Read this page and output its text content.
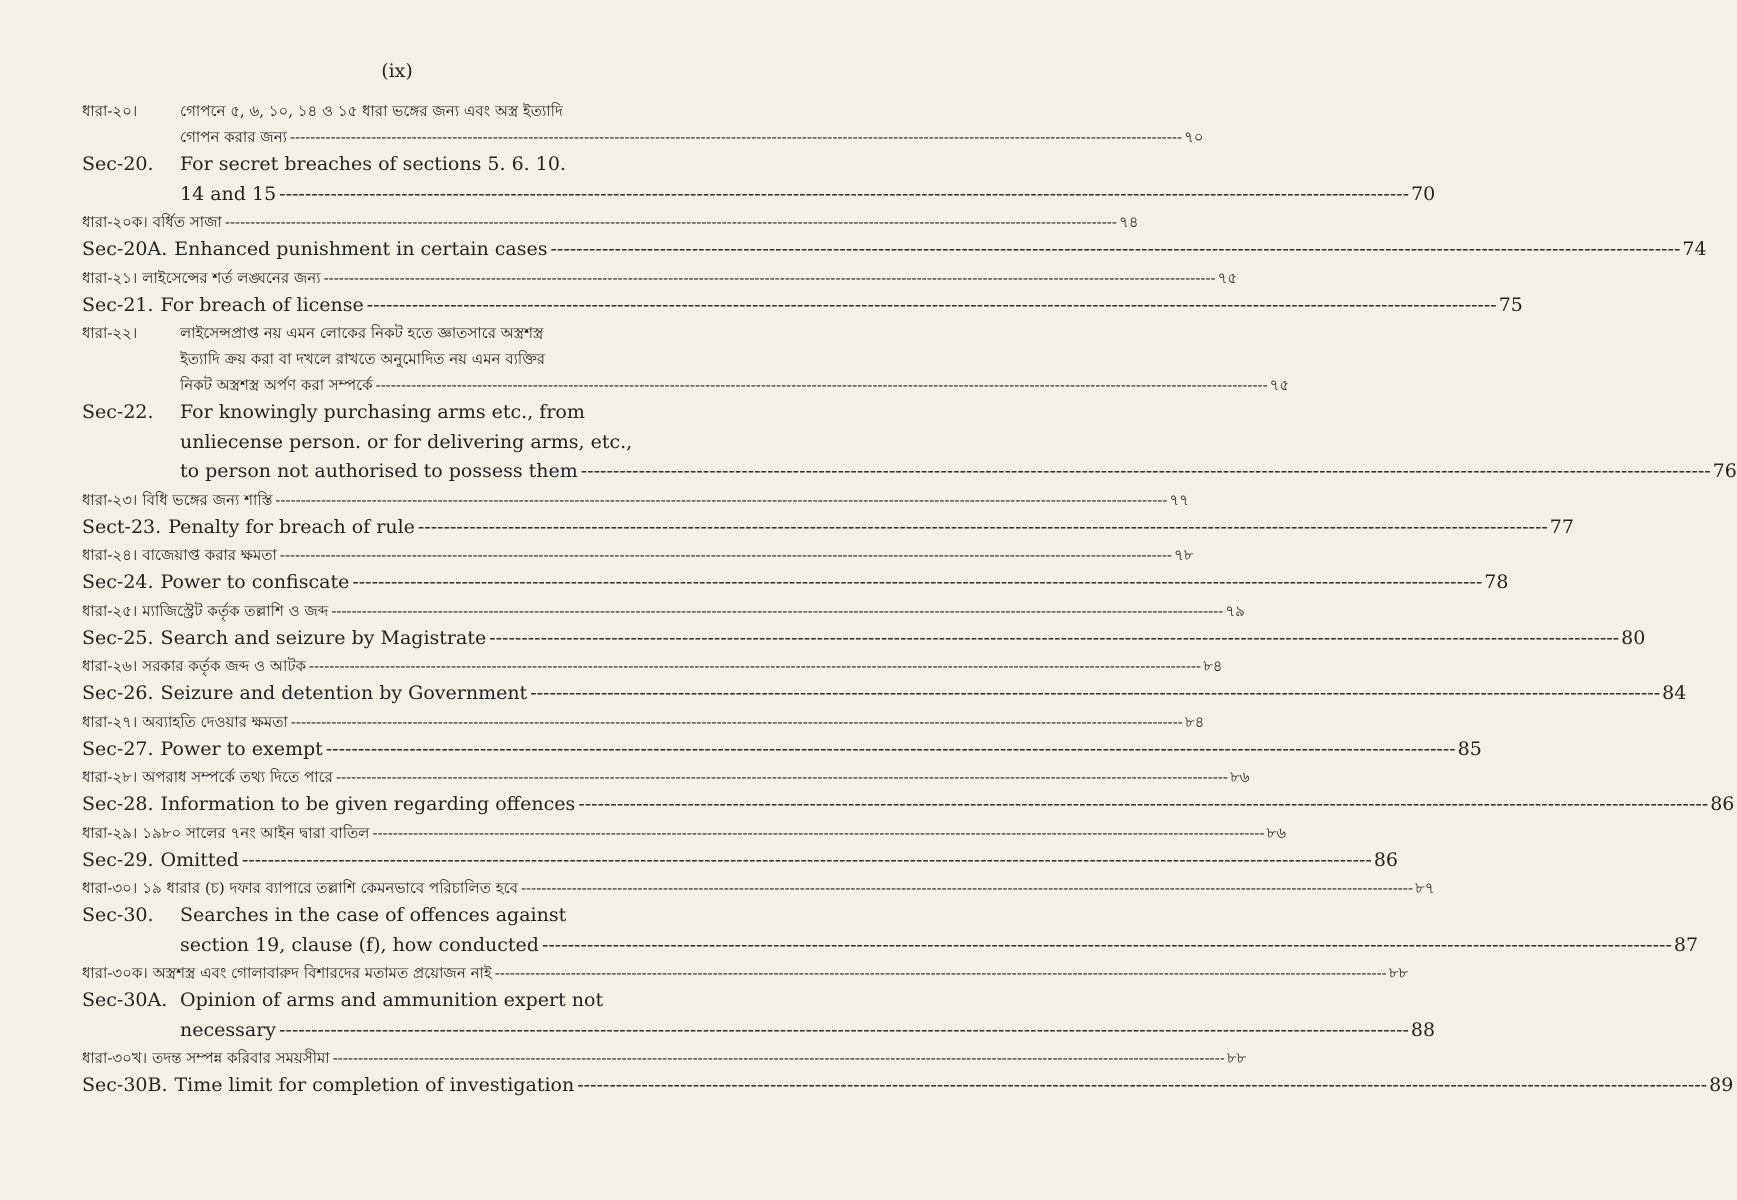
(ix)
ধারা-২০।	গোপনে ৫, ৬, ১০, ১৪ ও ১৫ ধারা ভঙ্গের জন্য এবং অস্ত্র ইত্যাদি
গোপন করার জন্য -----	৭০
Sec-20.	For secret breaches of sections 5. 6. 10.
14 and 15 -----	70
ধারা-২০ক। বর্ধিত সাজা -----	৭৪
Sec-20A. Enhanced punishment in certain cases -----	74
ধারা-২১। লাইসেন্সের শর্ত লঙ্ঘনের জন্য -----	৭৫
Sec-21. For breach of license -----	75
ধারা-২২।	লাইসেন্সপ্রাপ্ত নয় এমন লোকের নিকট হতে জ্ঞাতসারে অস্ত্রশস্ত্র
ইত্যাদি ক্রয় করা বা দখলে রাখতে অনুমোদিত নয় এমন ব্যক্তির
নিকট অস্ত্রশস্ত্র অর্পণ করা সম্পর্কে -----	৭৫
Sec-22.	For knowingly purchasing arms etc., from
unliecense person. or for delivering arms, etc.,
to person not authorised to possess them -----	76
ধারা-২৩। বিধি ভঙ্গের জন্য শাস্তি -----	৭৭
Sect-23. Penalty for breach of rule -----	77
ধারা-২৪। বাজেয়াপ্ত করার ক্ষমতা -----	৭৮
Sec-24. Power to confiscate -----	78
ধারা-২৫। ম্যাজিস্ট্রেট কর্তৃক তল্লাশি ও জব্দ -----	৭৯
Sec-25. Search and seizure by Magistrate -----	80
ধারা-২৬। সরকার কর্তৃক জব্দ ও আটক -----	৮৪
Sec-26. Seizure and detention by Government -----	84
ধারা-২৭। অব্যাহতি দেওয়ার ক্ষমতা -----	৮৪
Sec-27. Power to exempt -----	85
ধারা-২৮। অপরাধ সম্পর্কে তথ্য দিতে পারে -----	৮৬
Sec-28. Information to be given regarding offences -----	86
ধারা-২৯। ১৯৮০ সালের ৭নং আইন দ্বারা বাতিল -----	৮৬
Sec-29. Omitted -----	86
ধারা-৩০। ১৯ ধারার (চ) দফার ব্যাপারে তল্লাশি কেমনভাবে পরিচালিত হবে -----	৮৭
Sec-30.	Searches in the case of offences against
section 19, clause (f), how conducted -----	87
ধারা-৩০ক। অস্ত্রশস্ত্র এবং গোলাবারুদ বিশারদের মতামত প্রয়োজন নাই -----	৮৮
Sec-30A. Opinion of arms and ammunition expert not
necessary -----	88
ধারা-৩০খ। তদন্ত সম্পন্ন করিবার সময়সীমা -----	৮৮
Sec-30B. Time limit for completion of investigation -----	89
